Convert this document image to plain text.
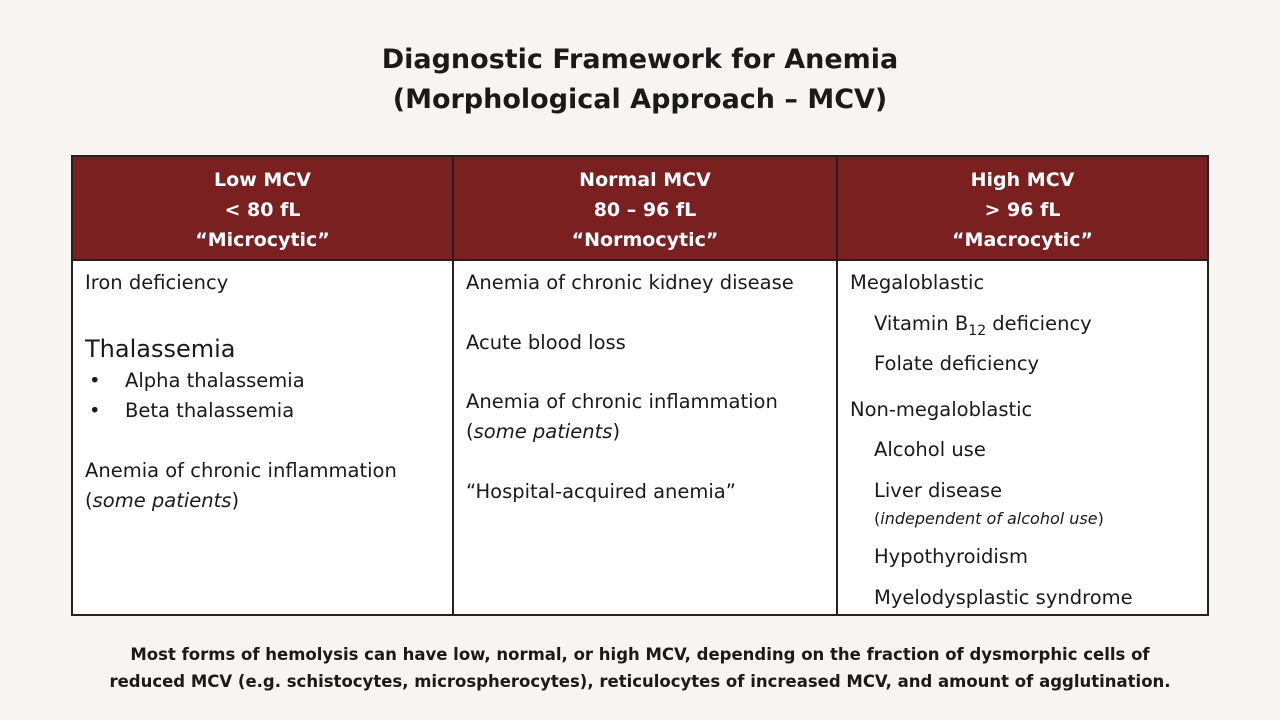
Diagnostic Framework for Anemia
(Morphological Approach – MCV)
Low MCV
< 80 fL
“Microcytic”
Normal MCV
80 – 96 fL
“Normocytic”
High MCV
> 96 fL
“Macrocytic”
Iron deficiency
Thalassemia
• Alpha thalassemia
• Beta thalassemia
Anemia of chronic inflammation
(some patients)
Anemia of chronic kidney disease
Acute blood loss
Anemia of chronic inflammation
(some patients)
“Hospital-acquired anemia”
Megaloblastic
Vitamin $B_{12}$ deficiency
Folate deficiency
Non-megaloblastic
Alcohol use
Liver disease
(independent of alcohol use)
Hypothyroidism
Myelodysplastic syndrome
Most forms of hemolysis can have low, normal, or high MCV, depending on the fraction of dysmorphic cells of
reduced MCV (e.g. schistocytes, microspherocytes), reticulocytes of increased MCV, and amount of agglutination.
